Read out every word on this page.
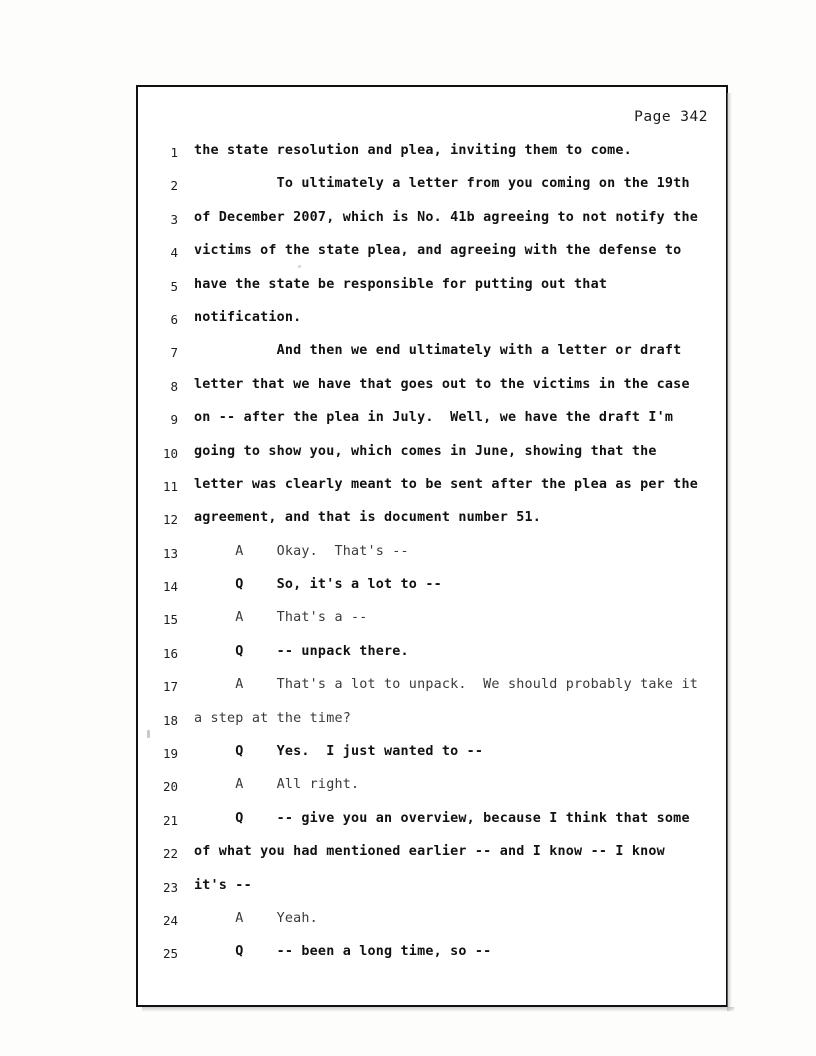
Page 342
1 the state resolution and plea, inviting them to come.
2 To ultimately a letter from you coming on the 19th
3 of December 2007, which is No. 41b agreeing to not notify the
4 victims of the state plea, and agreeing with the defense to
5 have the state be responsible for putting out that
6 notification.
7 And then we end ultimately with a letter or draft
8 letter that we have that goes out to the victims in the case
9 on -- after the plea in July.  Well, we have the draft I'm
10 going to show you, which comes in June, showing that the
11 letter was clearly meant to be sent after the plea as per the
12 agreement, and that is document number 51.
13 A    Okay.  That's --
14 Q    So, it's a lot to --
15 A    That's a --
16 Q    -- unpack there.
17 A    That's a lot to unpack.  We should probably take it
18 a step at the time?
19 Q    Yes.  I just wanted to --
20 A    All right.
21 Q    -- give you an overview, because I think that some
22 of what you had mentioned earlier -- and I know -- I know
23 it's --
24 A    Yeah.
25 Q    -- been a long time, so --
